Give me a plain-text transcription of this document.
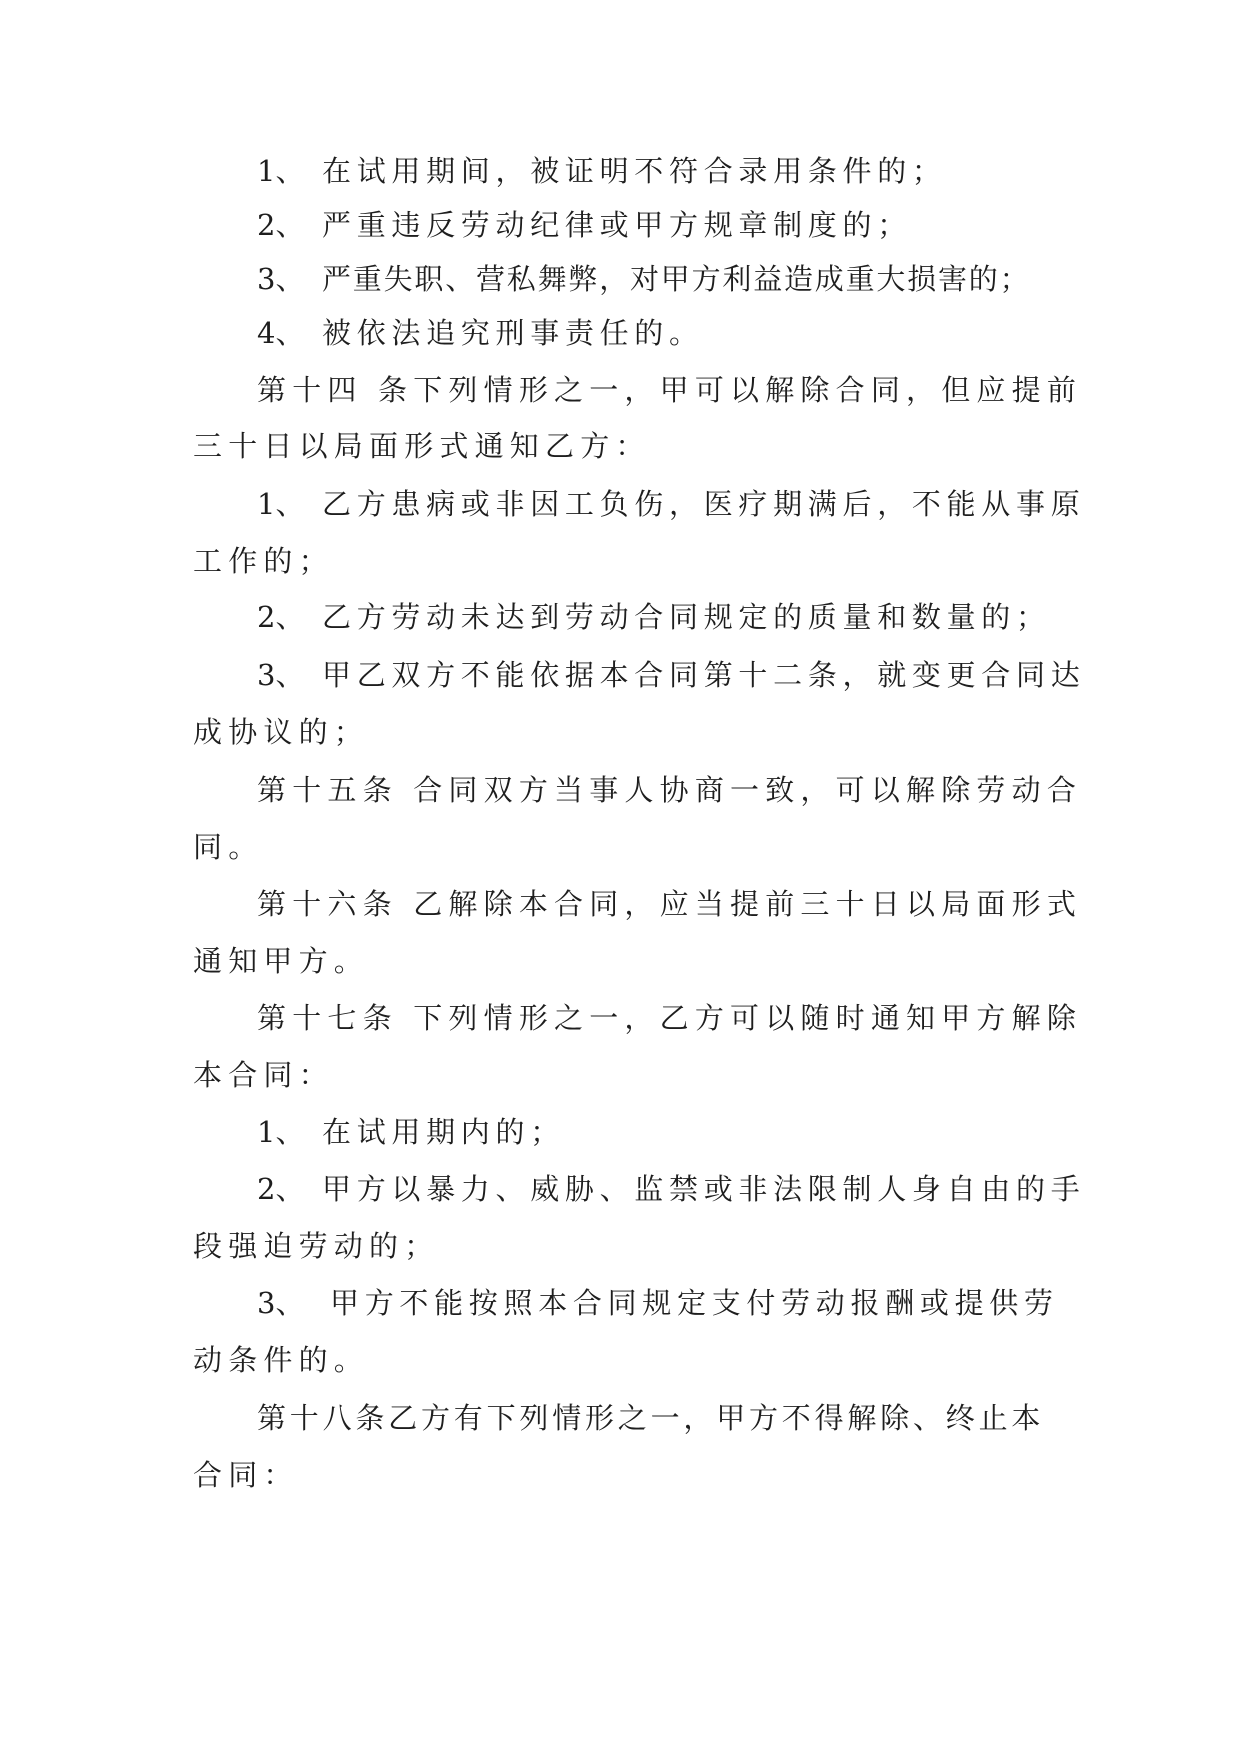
1、 在试用期间，被证明不符合录用条件的；
2、 严重违反劳动纪律或甲方规章制度的；
3、 严重失职、营私舞弊，对甲方利益造成重大损害的；
4、 被依法追究刑事责任的。
第十四 条下列情形之一，甲可以解除合同，但应提前
三十日以局面形式通知乙方：
1、 乙方患病或非因工负伤，医疗期满后，不能从事原
工作的；
2、 乙方劳动未达到劳动合同规定的质量和数量的；
3、 甲乙双方不能依据本合同第十二条，就变更合同达
成协议的；
第十五条 合同双方当事人协商一致，可以解除劳动合
同。
第十六条 乙解除本合同，应当提前三十日以局面形式
通知甲方。
第十七条 下列情形之一，乙方可以随时通知甲方解除
本合同：
1、 在试用期内的；
2、 甲方以暴力、威胁、监禁或非法限制人身自由的手
段强迫劳动的；
3、 甲方不能按照本合同规定支付劳动报酬或提供劳
动条件的。
第十八条乙方有下列情形之一，甲方不得解除、终止本
合同：
